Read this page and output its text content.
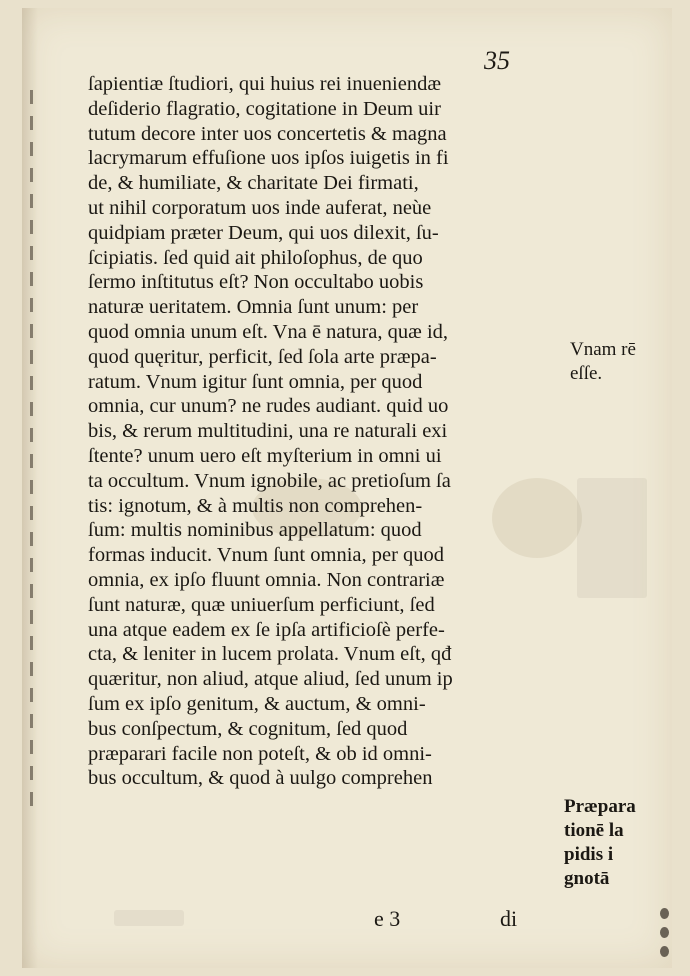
35
ſapientiæ ſtudiori, qui huius rei inueniendæ
deſiderio flagratio, cogitatione in Deum uir
tutum decore inter uos concertetis & magna
lacrymarum effuſione uos ipſos iuigetis in fi
de, & humiliate, & charitate Dei firmati,
ut nihil corporatum uos inde auferat, neùe
quidpiam præter Deum, qui uos dilexit, ſu-
ſcipiatis. ſed quid ait philoſophus, de quo
ſermo inſtitutus eſt? Non occultabo uobis
naturæ ueritatem. Omnia ſunt unum: per
quod omnia unum eſt. Vna ē natura, quæ id,
quod quęritur, perficit, ſed ſola arte præpa-
ratum. Vnum igitur ſunt omnia, per quod
omnia, cur unum? ne rudes audiant. quid uo
bis, & rerum multitudini, una re naturali exi
ſtente? unum uero eſt myſterium in omni ui
ta occultum. Vnum ignobile, ac pretioſum ſa
tis: ignotum, & à multis non comprehen-
ſum: multis nominibus appellatum: quod
formas inducit. Vnum ſunt omnia, per quod
omnia, ex ipſo fluunt omnia. Non contrariæ
ſunt naturæ, quæ uniuerſum perficiunt, ſed
una atque eadem ex ſe ipſa artificioſè perfe-
cta, & leniter in lucem prolata. Vnum eſt, qđ
quæritur, non aliud, atque aliud, ſed unum ip
ſum ex ipſo genitum, & auctum, & omni-
bus conſpectum, & cognitum, ſed quod
præparari facile non poteſt, & ob id omni-
bus occultum, & quod à uulgo comprehen
Vnam rē
eſſe.
Præpara
tionē la
pidis i
gnotā
e 3	di
